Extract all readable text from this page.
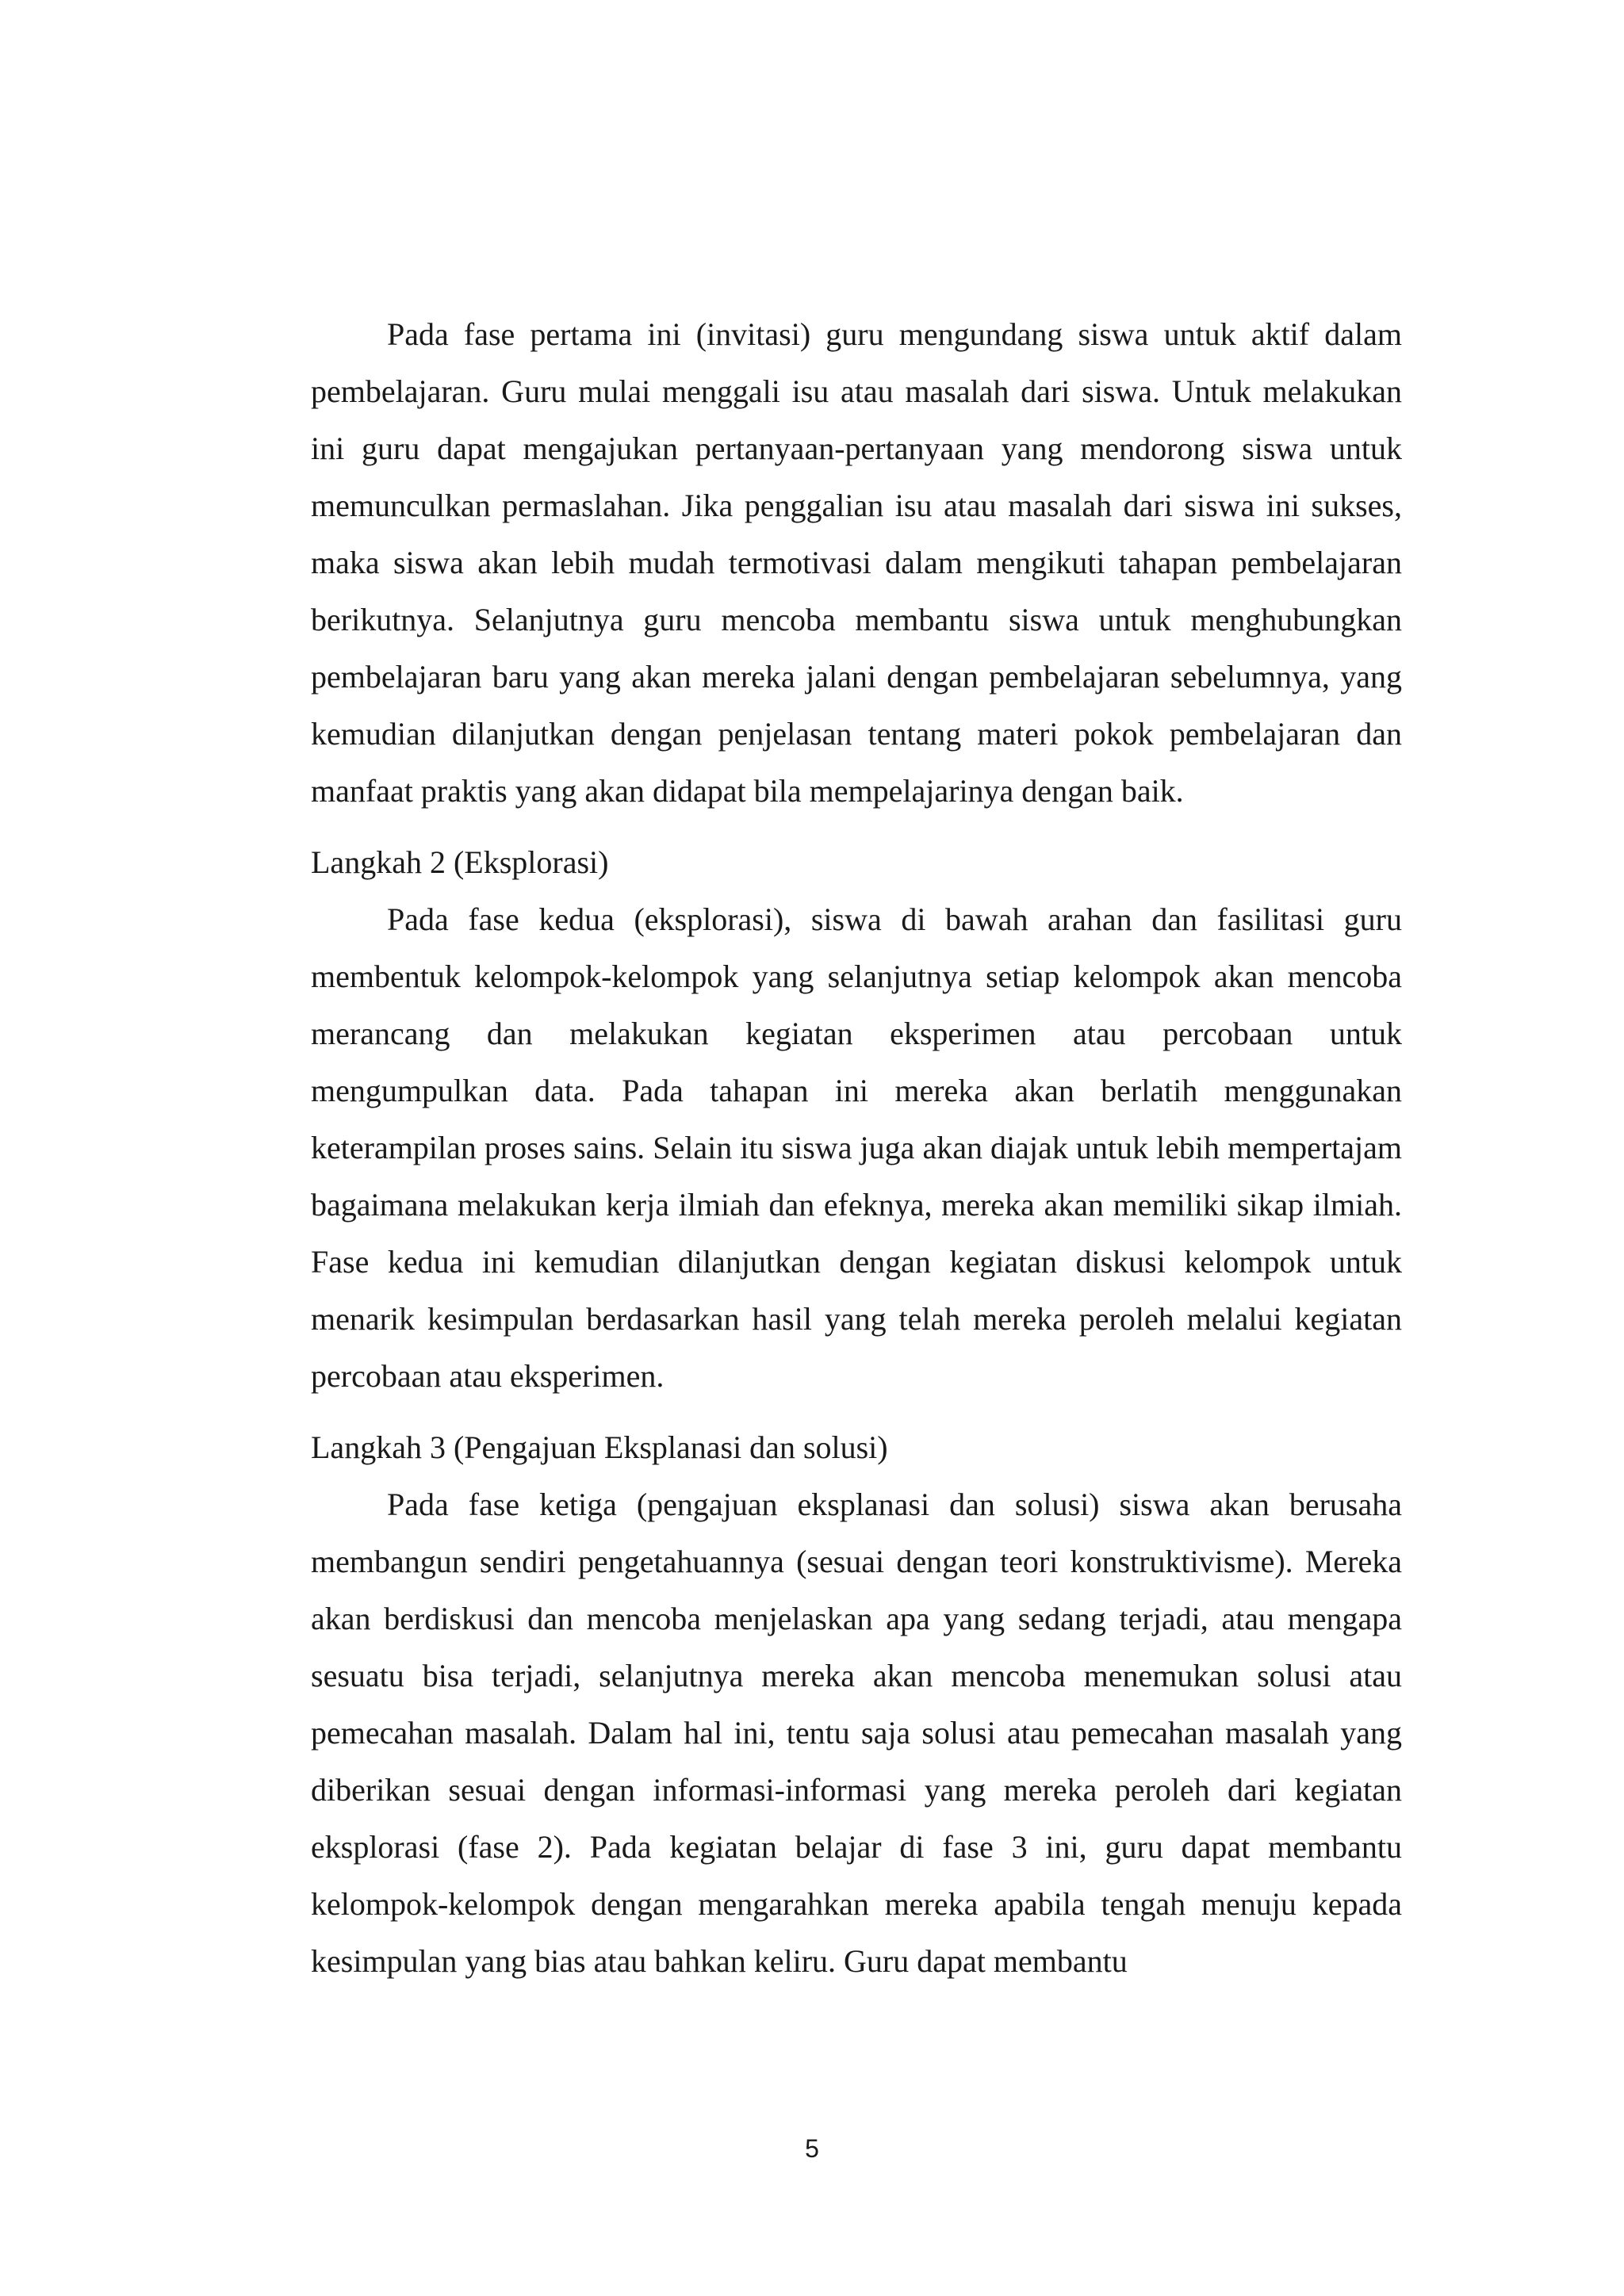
Pada fase pertama ini (invitasi) guru mengundang siswa untuk aktif dalam pembelajaran. Guru mulai menggali isu atau masalah dari siswa. Untuk melakukan ini guru dapat mengajukan pertanyaan-pertanyaan yang mendorong siswa untuk memunculkan permaslahan. Jika penggalian isu atau masalah dari siswa ini sukses, maka siswa akan lebih mudah termotivasi dalam mengikuti tahapan pembelajaran berikutnya. Selanjutnya guru mencoba membantu siswa untuk menghubungkan pembelajaran baru yang akan mereka jalani dengan pembelajaran sebelumnya, yang kemudian dilanjutkan dengan penjelasan tentang materi pokok pembelajaran dan manfaat praktis yang akan didapat bila mempelajarinya dengan baik.

Langkah 2 (Eksplorasi)

Pada fase kedua (eksplorasi), siswa di bawah arahan dan fasilitasi guru membentuk kelompok-kelompok yang selanjutnya setiap kelompok akan mencoba merancang dan melakukan kegiatan eksperimen atau percobaan untuk mengumpulkan data. Pada tahapan ini mereka akan berlatih menggunakan keterampilan proses sains. Selain itu siswa juga akan diajak untuk lebih mempertajam bagaimana melakukan kerja ilmiah dan efeknya, mereka akan memiliki sikap ilmiah. Fase kedua ini kemudian dilanjutkan dengan kegiatan diskusi kelompok untuk menarik kesimpulan berdasarkan hasil yang telah mereka peroleh melalui kegiatan percobaan atau eksperimen.

Langkah 3 (Pengajuan Eksplanasi dan solusi)

Pada fase ketiga (pengajuan eksplanasi dan solusi) siswa akan berusaha membangun sendiri pengetahuannya (sesuai dengan teori konstruktivisme). Mereka akan berdiskusi dan mencoba menjelaskan apa yang sedang terjadi, atau mengapa sesuatu bisa terjadi, selanjutnya mereka akan mencoba menemukan solusi atau pemecahan masalah. Dalam hal ini, tentu saja solusi atau pemecahan masalah yang diberikan sesuai dengan informasi-informasi yang mereka peroleh dari kegiatan eksplorasi (fase 2). Pada kegiatan belajar di fase 3 ini, guru dapat membantu kelompok-kelompok dengan mengarahkan mereka apabila tengah menuju kepada kesimpulan yang bias atau bahkan keliru. Guru dapat membantu

5
